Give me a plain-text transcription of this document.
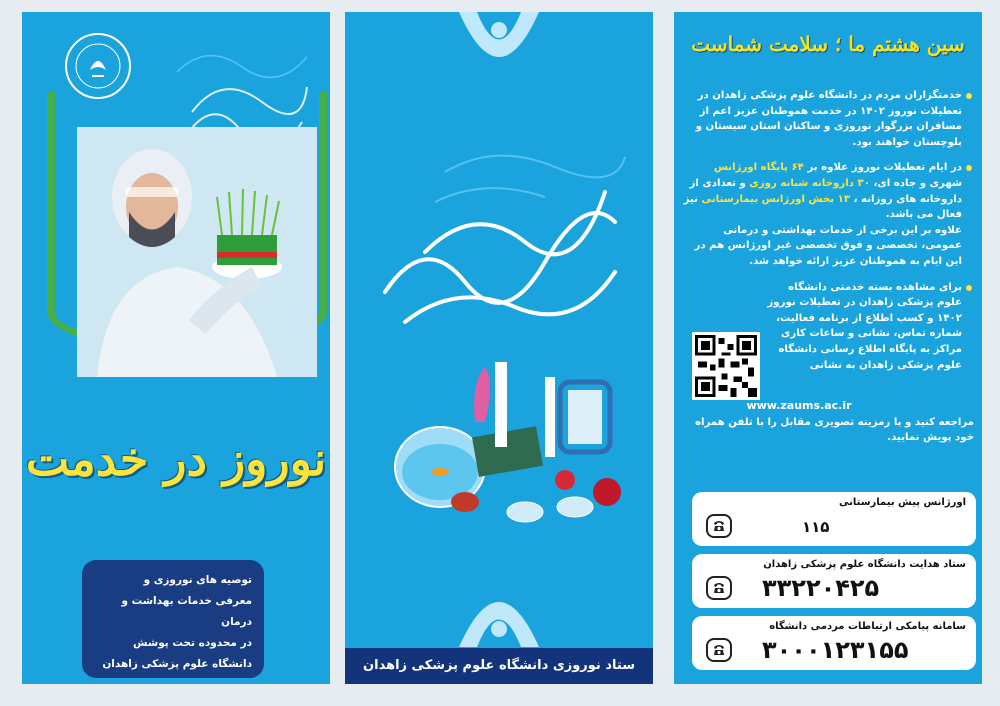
نوروز در خدمت
توصیه های نوروزی و
معرفی خدمات بهداشت و درمان
در محدوده تحت پوشش
دانشگاه علوم پزشکی زاهدان	ستاد نوروزی دانشگاه علوم پزشکی زاهدان
سین هشتم ما ؛ سلامت شماست
خدمتگزاران مردم در دانشگاه علوم پزشکی زاهدان در تعطیلات نوروز ۱۴۰۲ در خدمت هموطنان عزیز اعم از مسافران بزرگوار نوروزی و ساکنان استان سیستان و بلوچستان خواهند بود.
در ایام تعطیلات نوروز علاوه بر ۶۴ پایگاه اورژانس شهری و جاده ای، ۳۰ داروخانه شبانه روزی و تعدادی از داروخانه های روزانه ، ۱۳ بخش اورژانس بیمارستانی نیز فعال می باشد.
علاوه بر این برخی از خدمات بهداشتی و درمانی عمومی، تخصصی و فوق تخصصی غیر اورژانس هم در این ایام به هموطنان عزیز ارائه خواهد شد.
برای مشاهده بسته خدمتی دانشگاه علوم پزشکی زاهدان در تعطیلات نوروز ۱۴۰۲ و کسب اطلاع از برنامه فعالیت، شماره تماس، نشانی و ساعات کاری مراکز به پایگاه اطلاع رسانی دانشگاه علوم پزشکی زاهدان به نشانی
www.zaums.ac.ir
مراجعه کنید و یا رمزینه تصویری مقابل را با تلفن همراه خود پویش نمایید.
اورژانس پیش بیمارستانی
۱۱۵
ستاد هدایت دانشگاه علوم پزشکی زاهدان
۳۳۲۲۰۴۲۵
سامانه پیامکی ارتباطات مردمی دانشگاه
۳۰۰۰۱۲۳۱۵۵
